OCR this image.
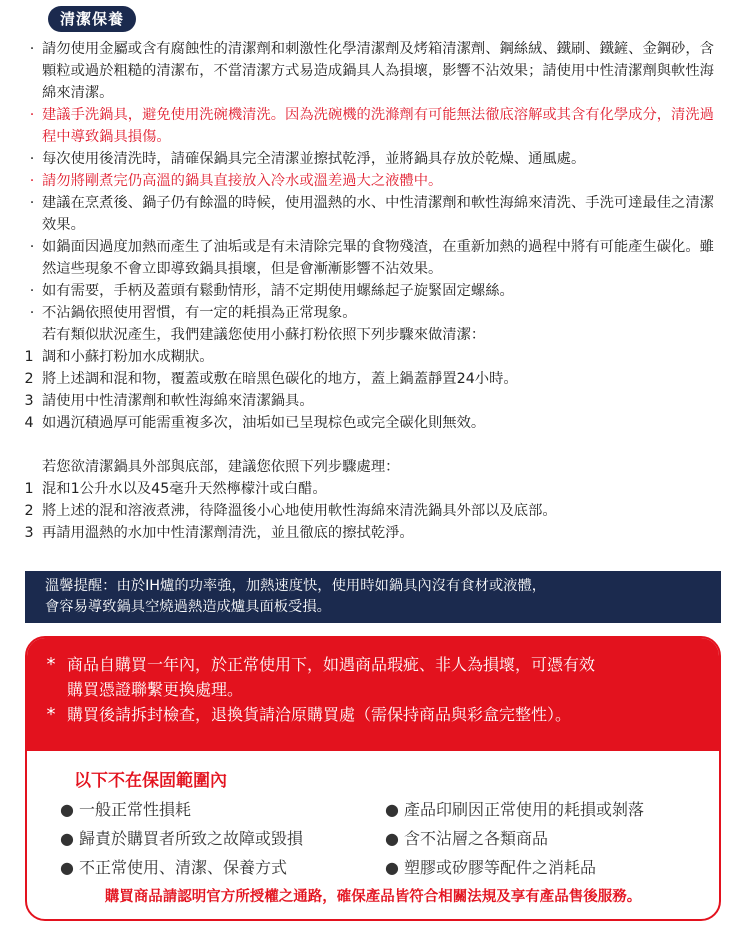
清潔保養
· 請勿使用金屬或含有腐蝕性的清潔劑和刺激性化學清潔劑及烤箱清潔劑、鋼絲絨、鐵刷、鐵鏟、金鋼砂，含顆粒或過於粗糙的清潔布，不當清潔方式易造成鍋具人為損壞，影響不沾效果；請使用中性清潔劑與軟性海綿來清潔。
· 建議手洗鍋具，避免使用洗碗機清洗。因為洗碗機的洗滌劑有可能無法徹底溶解或其含有化學成分，清洗過程中導致鍋具損傷。
· 每次使用後清洗時，請確保鍋具完全清潔並擦拭乾淨，並將鍋具存放於乾燥、通風處。
· 請勿將剛煮完仍高溫的鍋具直接放入冷水或溫差過大之液體中。
· 建議在烹煮後、鍋子仍有餘溫的時候，使用溫熱的水、中性清潔劑和軟性海綿來清洗、手洗可達最佳之清潔效果。
· 如鍋面因過度加熱而產生了油垢或是有未清除完畢的食物殘渣，在重新加熱的過程中將有可能產生碳化。雖然這些現象不會立即導致鍋具損壞，但是會漸漸影響不沾效果。
· 如有需要，手柄及蓋頭有鬆動情形，請不定期使用螺絲起子旋緊固定螺絲。
· 不沾鍋依照使用習慣，有一定的耗損為正常現象。
若有類似狀況產生，我們建議您使用小蘇打粉依照下列步驟來做清潔：
1 調和小蘇打粉加水成糊狀。
2 將上述調和混和物，覆蓋或敷在暗黑色碳化的地方，蓋上鍋蓋靜置24小時。
3 請使用中性清潔劑和軟性海綿來清潔鍋具。
4 如遇沉積過厚可能需重複多次，油垢如已呈現棕色或完全碳化則無效。
若您欲清潔鍋具外部與底部，建議您依照下列步驟處理：
1 混和1公升水以及45毫升天然檸檬汁或白醋。
2 將上述的混和溶液煮沸，待降溫後小心地使用軟性海綿來清洗鍋具外部以及底部。
3 再請用溫熱的水加中性清潔劑清洗，並且徹底的擦拭乾淨。
溫馨提醒：由於IH爐的功率強，加熱速度快，使用時如鍋具內沒有食材或液體，
會容易導致鍋具空燒過熱造成爐具面板受損。
* 商品自購買一年內，於正常使用下，如遇商品瑕疵、非人為損壞，可憑有效
購買憑證聯繫更換處理。
* 購買後請拆封檢查，退換貨請洽原購買處（需保持商品與彩盒完整性）。
以下不在保固範圍內
● 一般正常性損耗
● 歸責於購買者所致之故障或毀損
● 不正常使用、清潔、保養方式
● 產品印刷因正常使用的耗損或剝落
● 含不沾層之各類商品
● 塑膠或矽膠等配件之消耗品
購買商品請認明官方所授權之通路，確保產品皆符合相關法規及享有產品售後服務。
